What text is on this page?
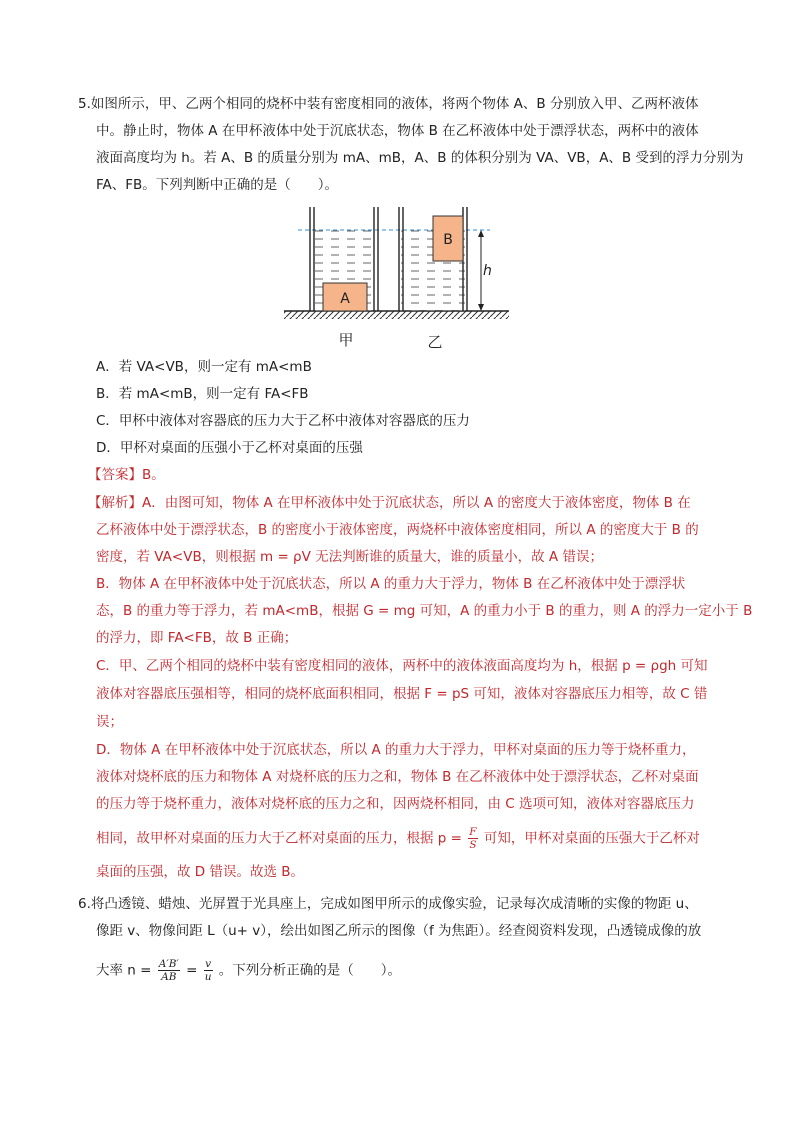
5.如图所示，甲、乙两个相同的烧杯中装有密度相同的液体，将两个物体 A、B 分别放入甲、乙两杯液体
中。静止时，物体 A 在甲杯液体中处于沉底状态，物体 B 在乙杯液体中处于漂浮状态，两杯中的液体
液面高度均为 h。若 A、B 的质量分别为 mA、mB，A、B 的体积分别为 VA、VB，A、B 受到的浮力分别为
FA、FB。下列判断中正确的是（　　）。
A
B
h
甲	乙
A．若 VA<VB，则一定有 mA<mB
B．若 mA<mB，则一定有 FA<FB
C．甲杯中液体对容器底的压力大于乙杯中液体对容器底的压力
D．甲杯对桌面的压强小于乙杯对桌面的压强
【答案】B。
【解析】A．由图可知，物体 A 在甲杯液体中处于沉底状态，所以 A 的密度大于液体密度，物体 B 在
乙杯液体中处于漂浮状态，B 的密度小于液体密度，两烧杯中液体密度相同，所以 A 的密度大于 B 的
密度，若 VA<VB，则根据 m = ρV 无法判断谁的质量大，谁的质量小，故 A 错误；
B．物体 A 在甲杯液体中处于沉底状态，所以 A 的重力大于浮力，物体 B 在乙杯液体中处于漂浮状
态，B 的重力等于浮力，若 mA<mB，根据 G = mg 可知，A 的重力小于 B 的重力，则 A 的浮力一定小于 B
的浮力，即 FA<FB，故 B 正确；
C．甲、乙两个相同的烧杯中装有密度相同的液体，两杯中的液体液面高度均为 h，根据 p = ρgh 可知
液体对容器底压强相等，相同的烧杯底面积相同，根据 F = pS 可知，液体对容器底压力相等，故 C 错
误；
D．物体 A 在甲杯液体中处于沉底状态，所以 A 的重力大于浮力，甲杯对桌面的压力等于烧杯重力，
液体对烧杯底的压力和物体 A 对烧杯底的压力之和，物体 B 在乙杯液体中处于漂浮状态，乙杯对桌面
的压力等于烧杯重力，液体对烧杯底的压力之和，因两烧杯相同，由 C 选项可知，液体对容器底压力
相同，故甲杯对桌面的压力大于乙杯对桌面的压力，根据 $p = \frac{F}{S}$ 可知，甲杯对桌面的压强大于乙杯对
桌面的压强，故 D 错误。故选 B。
6.将凸透镜、蜡烛、光屏置于光具座上，完成如图甲所示的成像实验，记录每次成清晰的实像的物距 u、
像距 v、物像间距 L（u+ v），绘出如图乙所示的图像（f 为焦距）。经查阅资料发现，凸透镜成像的放
大率 $n = \frac{A'B'}{AB} = \frac{v}{u}$ 。下列分析正确的是（　　）。
